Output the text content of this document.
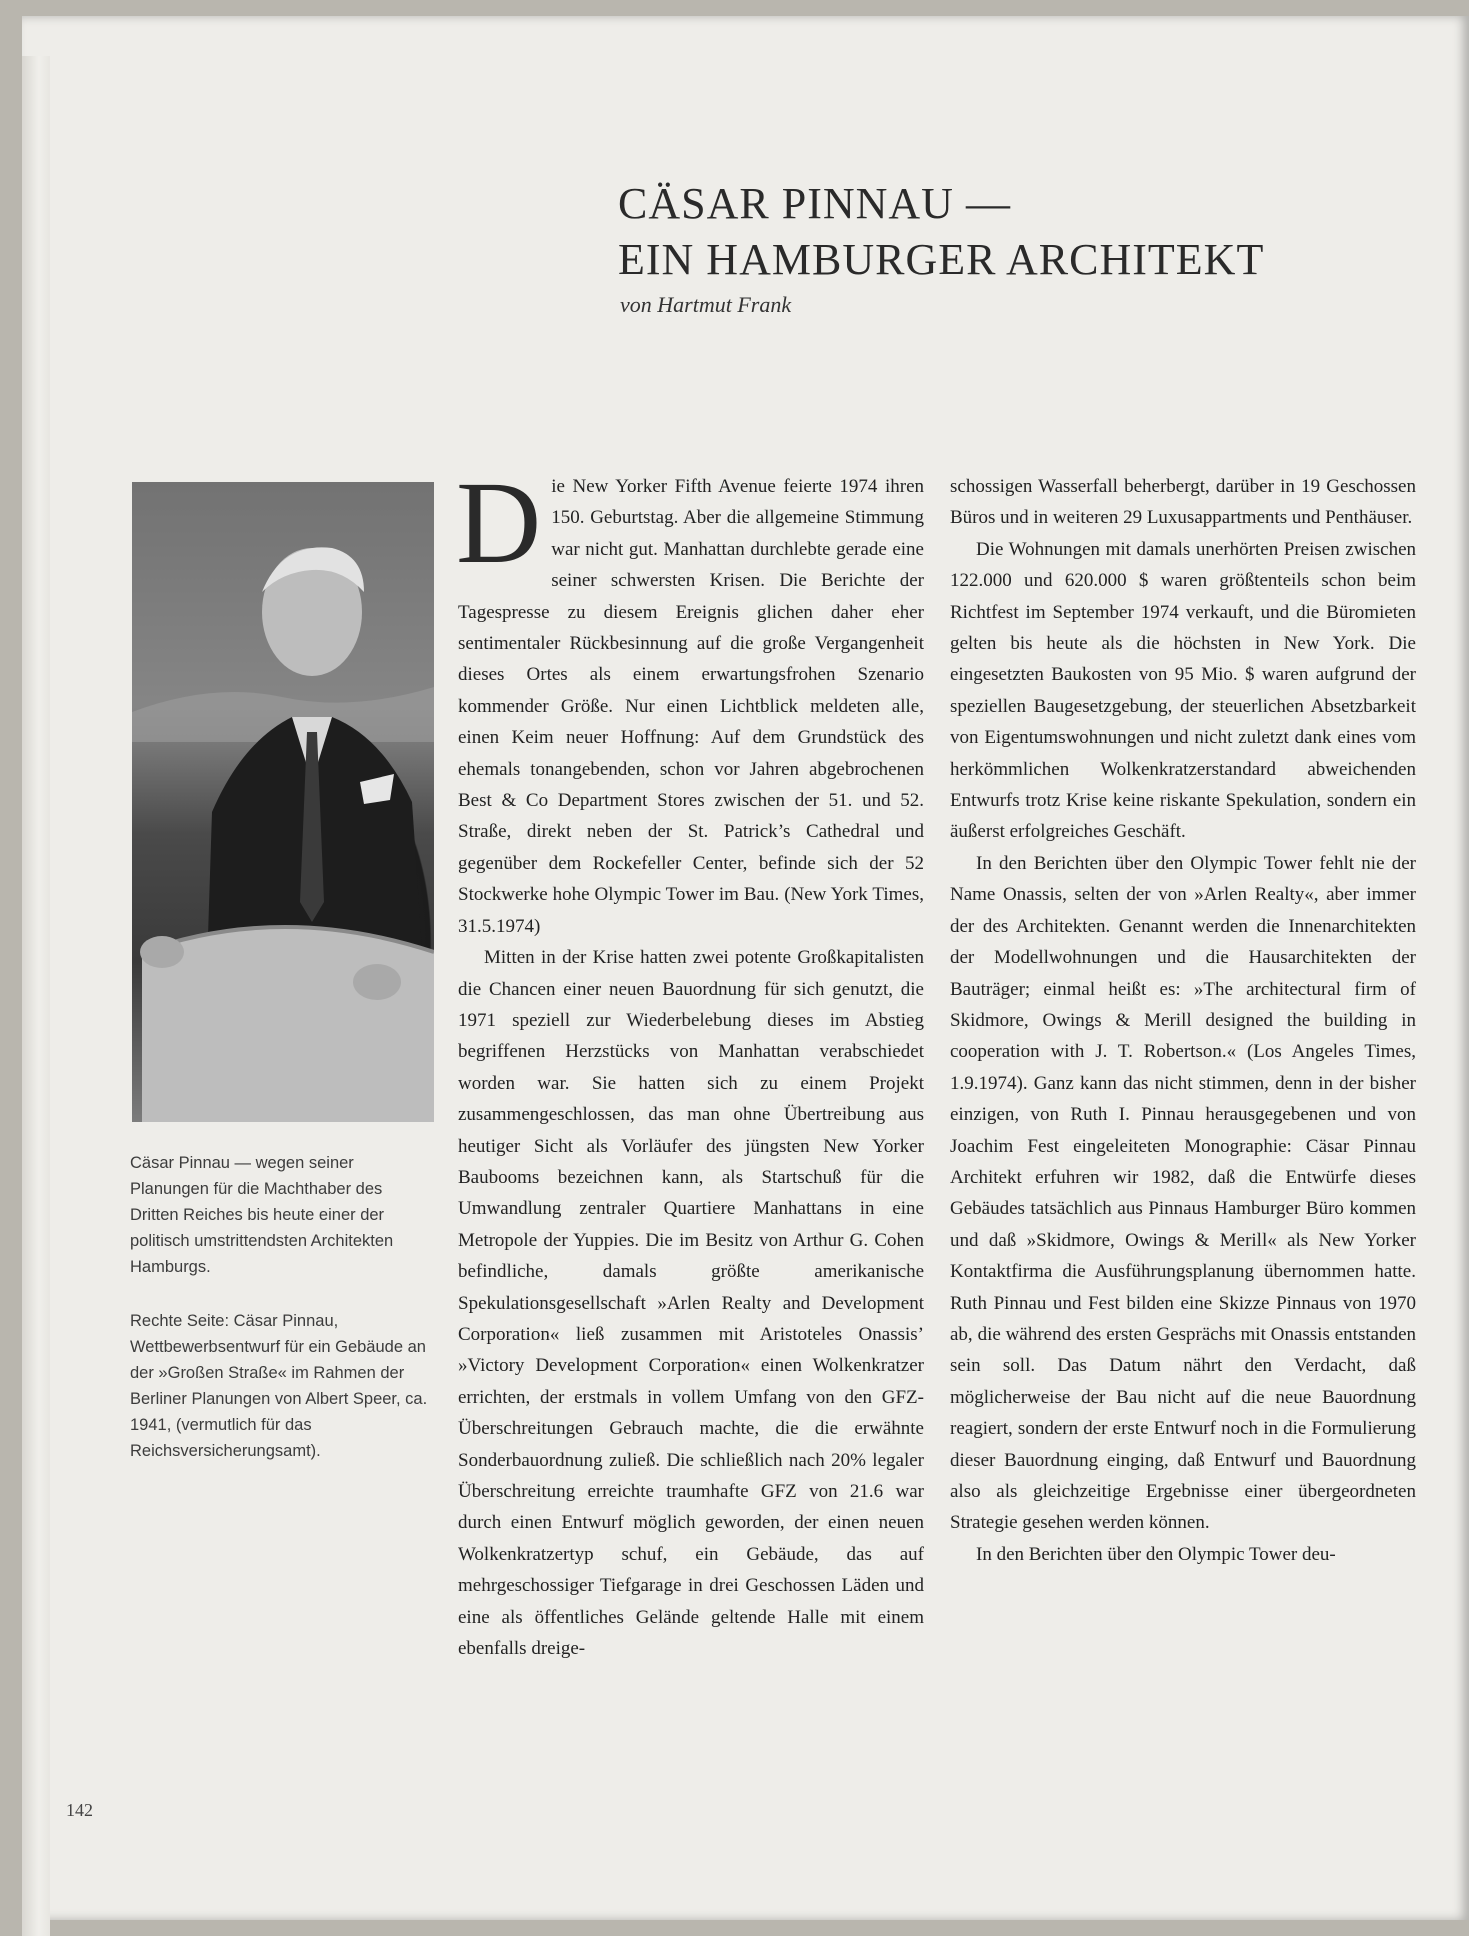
CÄSAR PINNAU —
EIN HAMBURGER ARCHITEKT
von Hartmut Frank

Cäsar Pinnau — wegen seiner Planungen für die Machthaber des Dritten Reiches bis heute einer der politisch umstrittendsten Architekten Hamburgs.

Rechte Seite: Cäsar Pinnau, Wettbewerbsentwurf für ein Gebäude an der »Großen Straße« im Rahmen der Berliner Planungen von Albert Speer, ca. 1941, (vermutlich für das Reichsversicherungsamt).

Die New Yorker Fifth Avenue feierte 1974 ihren 150. Geburtstag. Aber die allgemeine Stimmung war nicht gut. Manhattan durchlebte gerade eine seiner schwersten Krisen. Die Berichte der Tagespresse zu diesem Ereignis glichen daher eher sentimentaler Rückbesinnung auf die große Vergangenheit dieses Ortes als einem erwartungsfrohen Szenario kommender Größe. Nur einen Lichtblick meldeten alle, einen Keim neuer Hoffnung: Auf dem Grundstück des ehemals tonangebenden, schon vor Jahren abgebrochenen Best & Co Department Stores zwischen der 51. und 52. Straße, direkt neben der St. Patrick’s Cathedral und gegenüber dem Rockefeller Center, befinde sich der 52 Stockwerke hohe Olympic Tower im Bau. (New York Times, 31.5.1974)

Mitten in der Krise hatten zwei potente Großkapitalisten die Chancen einer neuen Bauordnung für sich genutzt, die 1971 speziell zur Wiederbelebung dieses im Abstieg begriffenen Herzstücks von Manhattan verabschiedet worden war. Sie hatten sich zu einem Projekt zusammengeschlossen, das man ohne Übertreibung aus heutiger Sicht als Vorläufer des jüngsten New Yorker Baubooms bezeichnen kann, als Startschuß für die Umwandlung zentraler Quartiere Manhattans in eine Metropole der Yuppies. Die im Besitz von Arthur G. Cohen befindliche, damals größte amerikanische Spekulationsgesellschaft »Arlen Realty and Development Corporation« ließ zusammen mit Aristoteles Onassis’ »Victory Development Corporation« einen Wolkenkratzer errichten, der erstmals in vollem Umfang von den GFZ-Überschreitungen Gebrauch machte, die die erwähnte Sonderbauordnung zuließ. Die schließlich nach 20% legaler Überschreitung erreichte traumhafte GFZ von 21.6 war durch einen Entwurf möglich geworden, der einen neuen Wolkenkratzertyp schuf, ein Gebäude, das auf mehrgeschossiger Tiefgarage in drei Geschossen Läden und eine als öffentliches Gelände geltende Halle mit einem ebenfalls dreige-

schossigen Wasserfall beherbergt, darüber in 19 Geschossen Büros und in weiteren 29 Luxusappartments und Penthäuser.

Die Wohnungen mit damals unerhörten Preisen zwischen 122.000 und 620.000 $ waren größtenteils schon beim Richtfest im September 1974 verkauft, und die Büromieten gelten bis heute als die höchsten in New York. Die eingesetzten Baukosten von 95 Mio. $ waren aufgrund der speziellen Baugesetzgebung, der steuerlichen Absetzbarkeit von Eigentumswohnungen und nicht zuletzt dank eines vom herkömmlichen Wolkenkratzerstandard abweichenden Entwurfs trotz Krise keine riskante Spekulation, sondern ein äußerst erfolgreiches Geschäft.

In den Berichten über den Olympic Tower fehlt nie der Name Onassis, selten der von »Arlen Realty«, aber immer der des Architekten. Genannt werden die Innenarchitekten der Modellwohnungen und die Hausarchitekten der Bauträger; einmal heißt es: »The architectural firm of Skidmore, Owings & Merill designed the building in cooperation with J. T. Robertson.« (Los Angeles Times, 1.9.1974). Ganz kann das nicht stimmen, denn in der bisher einzigen, von Ruth I. Pinnau herausgegebenen und von Joachim Fest eingeleiteten Monographie: Cäsar Pinnau Architekt erfuhren wir 1982, daß die Entwürfe dieses Gebäudes tatsächlich aus Pinnaus Hamburger Büro kommen und daß »Skidmore, Owings & Merill« als New Yorker Kontaktfirma die Ausführungsplanung übernommen hatte. Ruth Pinnau und Fest bilden eine Skizze Pinnaus von 1970 ab, die während des ersten Gesprächs mit Onassis entstanden sein soll. Das Datum nährt den Verdacht, daß möglicherweise der Bau nicht auf die neue Bauordnung reagiert, sondern der erste Entwurf noch in die Formulierung dieser Bauordnung einging, daß Entwurf und Bauordnung also als gleichzeitige Ergebnisse einer übergeordneten Strategie gesehen werden können.

In den Berichten über den Olympic Tower deu-

142
